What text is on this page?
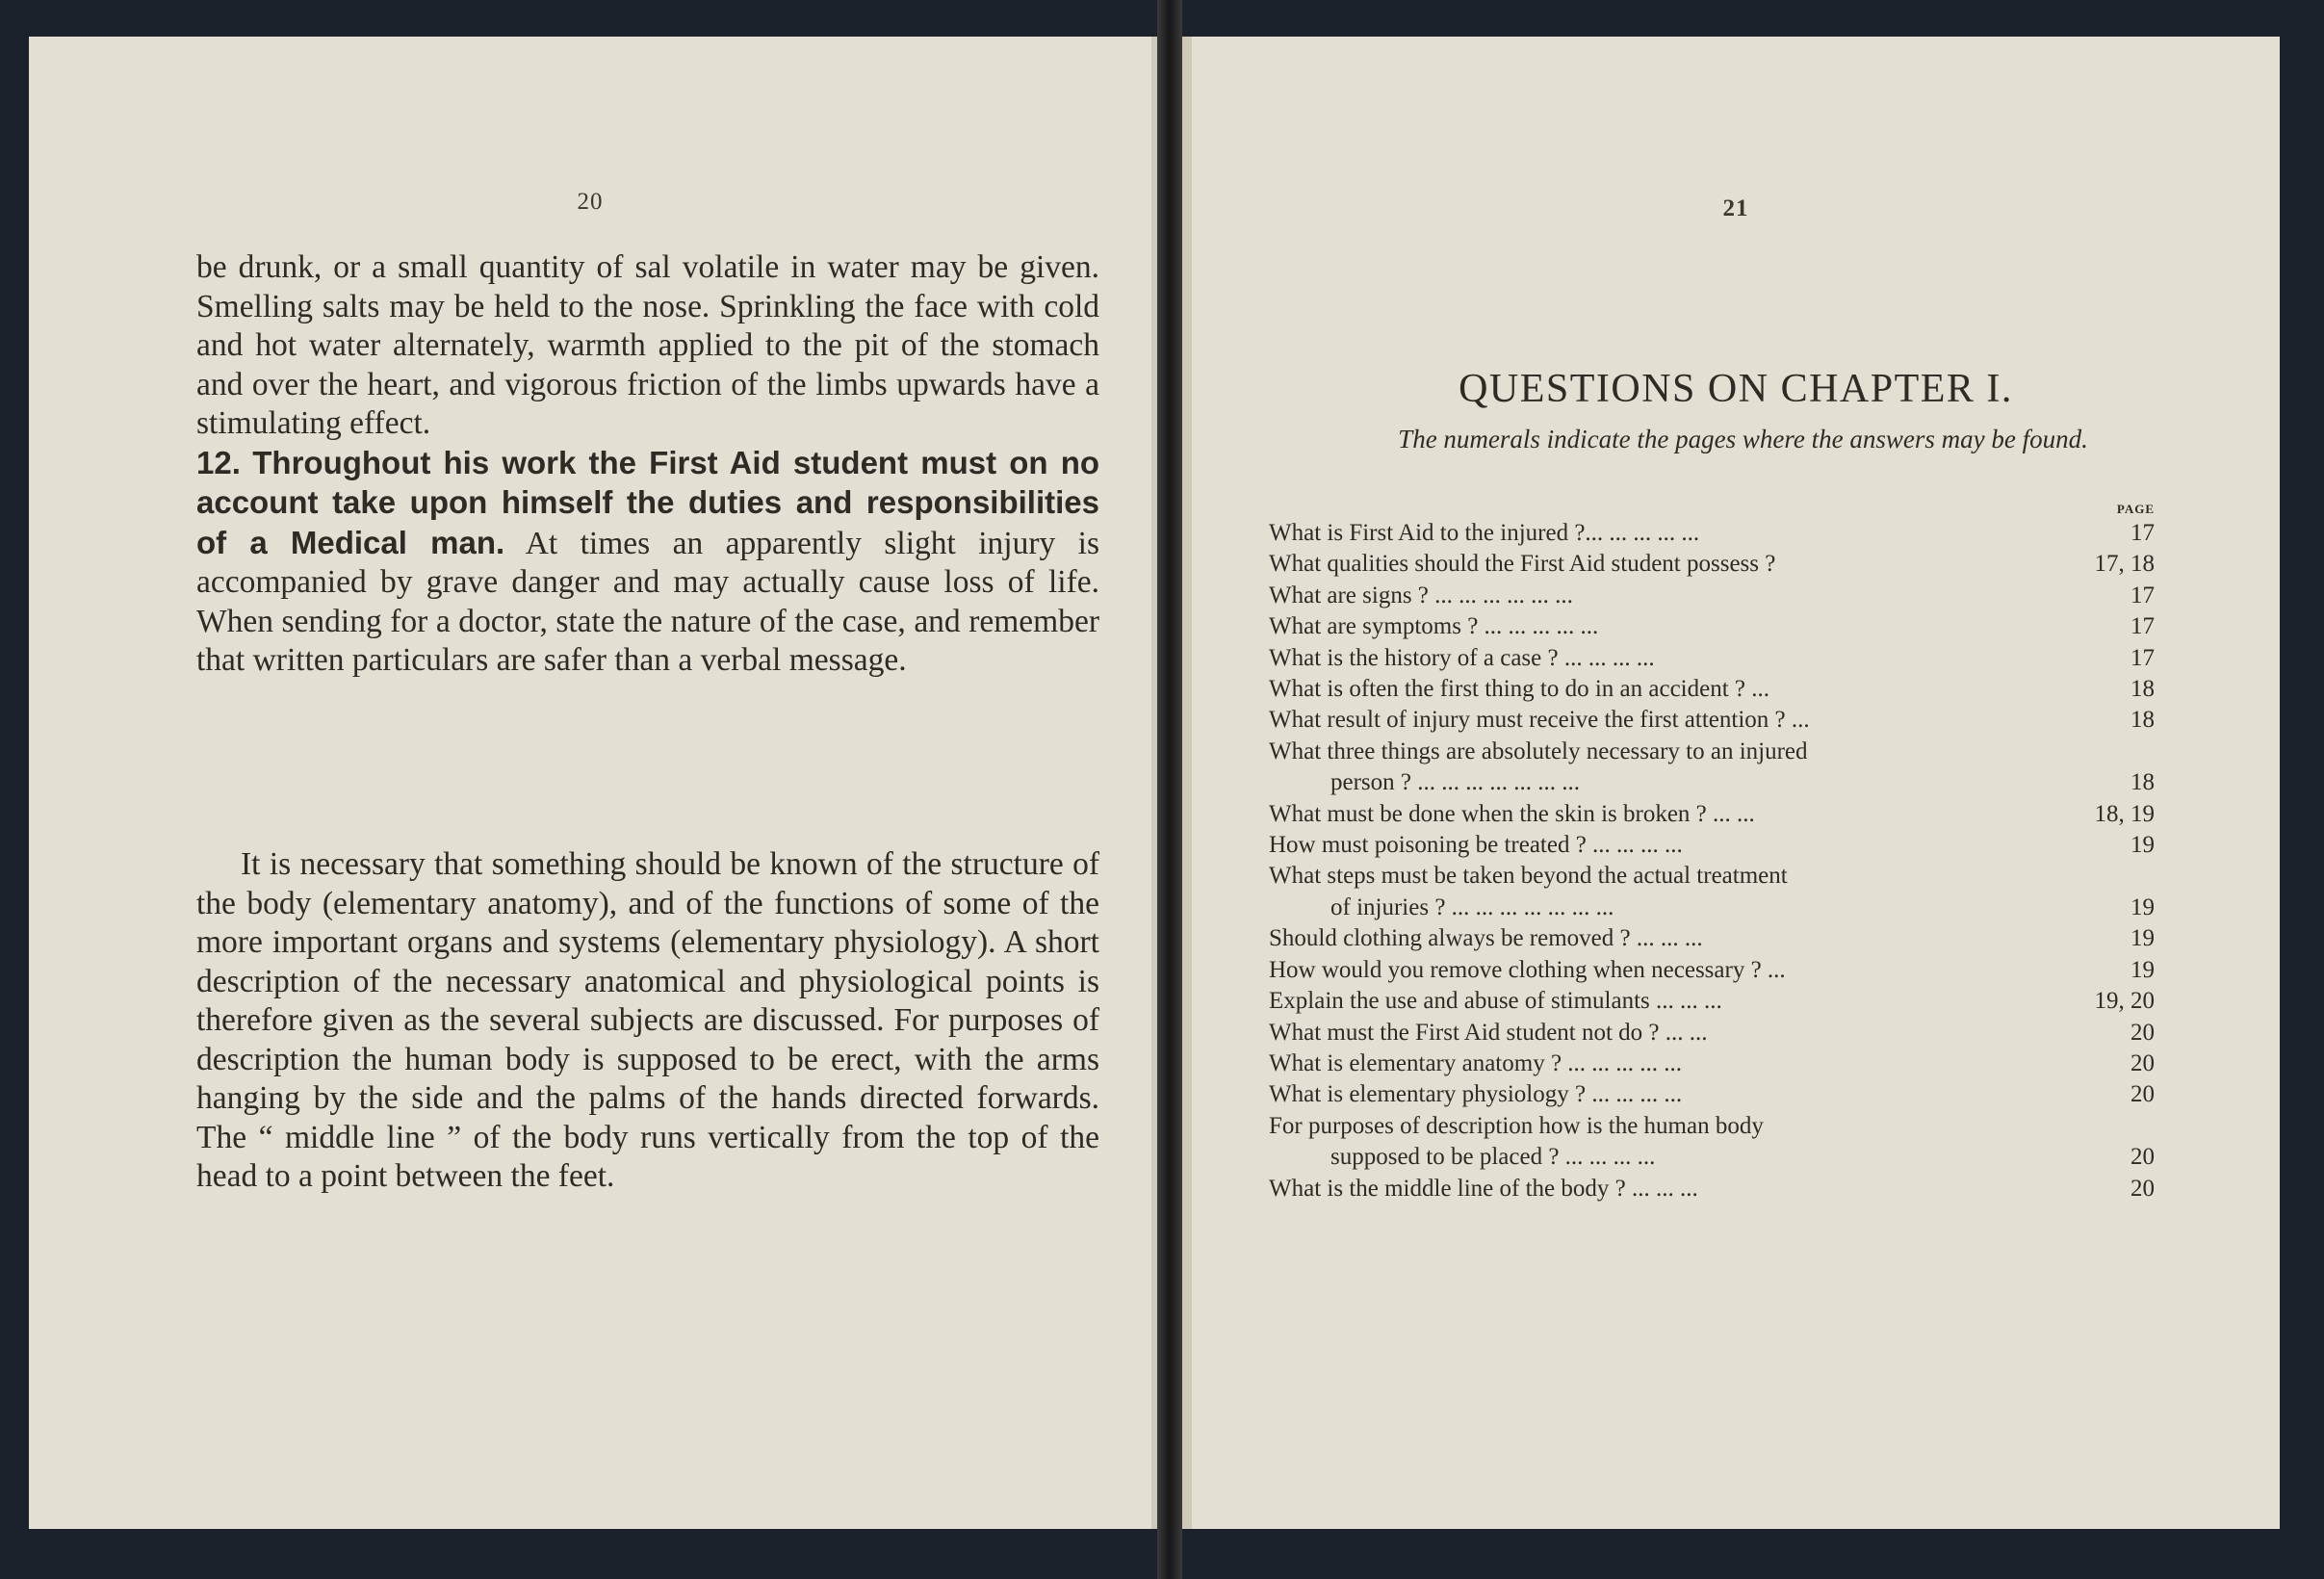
20

be drunk, or a small quantity of sal volatile in water may be given. Smelling salts may be held to the nose. Sprinkling the face with cold and hot water alternately, warmth applied to the pit of the stomach and over the heart, and vigorous friction of the limbs upwards have a stimulating effect.

12. Throughout his work the First Aid student must on no account take upon himself the duties and responsibilities of a Medical man. At times an apparently slight injury is accompanied by grave danger and may actually cause loss of life. When sending for a doctor, state the nature of the case, and remember that written particulars are safer than a verbal message.

It is necessary that something should be known of the structure of the body (elementary anatomy), and of the functions of some of the more important organs and systems (elementary physiology). A short description of the necessary anatomical and physiological points is therefore given as the several subjects are discussed. For purposes of description the human body is supposed to be erect, with the arms hanging by the side and the palms of the hands directed forwards. The “ middle line ” of the body runs vertically from the top of the head to a point between the feet.

21
QUESTIONS ON CHAPTER I.
The numerals indicate the pages where the answers may be found.
PAGE
What is First Aid to the injured ?... ... ... ... ...	17
What qualities should the First Aid student possess ?	17, 18
What are signs ? ... ... ... ... ... ...	17
What are symptoms ? ... ... ... ... ...	17
What is the history of a case ? ... ... ... ...	17
What is often the first thing to do in an accident ? ...	18
What result of injury must receive the first attention ? ...	18
What three things are absolutely necessary to an injured
person ? ... ... ... ... ... ... ...	18
What must be done when the skin is broken ? ... ...	18, 19
How must poisoning be treated ? ... ... ... ...	19
What steps must be taken beyond the actual treatment
of injuries ? ... ... ... ... ... ... ...	19
Should clothing always be removed ? ... ... ...	19
How would you remove clothing when necessary ? ...	19
Explain the use and abuse of stimulants ... ... ...	19, 20
What must the First Aid student not do ? ... ...	20
What is elementary anatomy ? ... ... ... ... ...	20
What is elementary physiology ? ... ... ... ...	20
For purposes of description how is the human body
supposed to be placed ? ... ... ... ...	20
What is the middle line of the body ? ... ... ...	20
